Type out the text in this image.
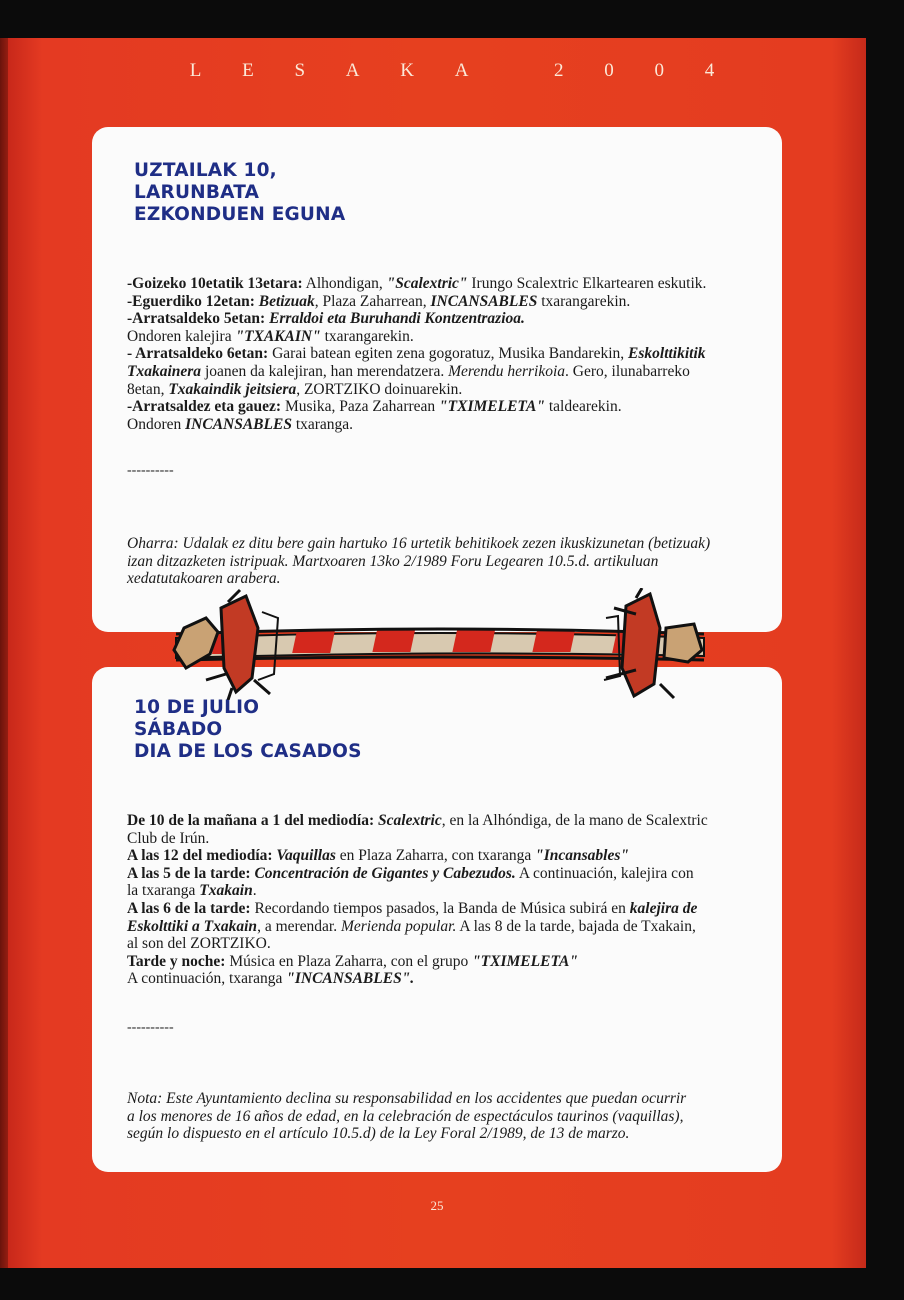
L E S A K A	2 0 0 4
UZTAILAK 10,
LARUNBATA
EZKONDUEN EGUNA

-Goizeko 10etatik 13etara: Alhondigan, "Scalextric" Irungo Scalextric Elkartearen eskutik.

-Eguerdiko 12etan: Betizuak, Plaza Zaharrean, INCANSABLES txarangarekin.

-Arratsaldeko 5etan: Erraldoi eta Buruhandi Kontzentrazioa.

Ondoren kalejira "TXAKAIN" txarangarekin.

- Arratsaldeko 6etan: Garai batean egiten zena gogoratuz, Musika Bandarekin, Eskolttikitik

Txakainera joanen da kalejiran, han merendatzera. Merendu herrikoia. Gero, ilunabarreko

8etan, Txakaindik jeitsiera, ZORTZIKO doinuarekin.

-Arratsaldez eta gauez: Musika, Paza Zaharrean "TXIMELETA" taldearekin.

Ondoren INCANSABLES txaranga.

----------
Oharra: Udalak ez ditu bere gain hartuko 16 urtetik behitikoek zezen ikuskizunetan (betizuak)
izan ditzazketen istripuak. Martxoaren 13ko 2/1989 Foru Legearen 10.5.d. artikuluan
xedatutakoaren arabera.
10 DE JULIO
SÁBADO
DIA DE LOS CASADOS

De 10 de la mañana a 1 del mediodía: Scalextric, en la Alhóndiga, de la mano de Scalextric

Club de Irún.

A las 12 del mediodía: Vaquillas en Plaza Zaharra, con txaranga "Incansables"

A las 5 de la tarde: Concentración de Gigantes y Cabezudos. A continuación, kalejira con

la txaranga Txakain.

A las 6 de la tarde: Recordando tiempos pasados, la Banda de Música subirá en kalejira de

Eskolttiki a Txakain, a merendar. Merienda popular. A las 8 de la tarde, bajada de Txakain,

al son del ZORTZIKO.

Tarde y noche: Música en Plaza Zaharra, con el grupo "TXIMELETA"

A continuación, txaranga "INCANSABLES".

----------
Nota: Este Ayuntamiento declina su responsabilidad en los accidentes que puedan ocurrir
a los menores de 16 años de edad, en la celebración de espectáculos taurinos (vaquillas),
según lo dispuesto en el artículo 10.5.d) de la Ley Foral 2/1989, de 13 de marzo.
25
